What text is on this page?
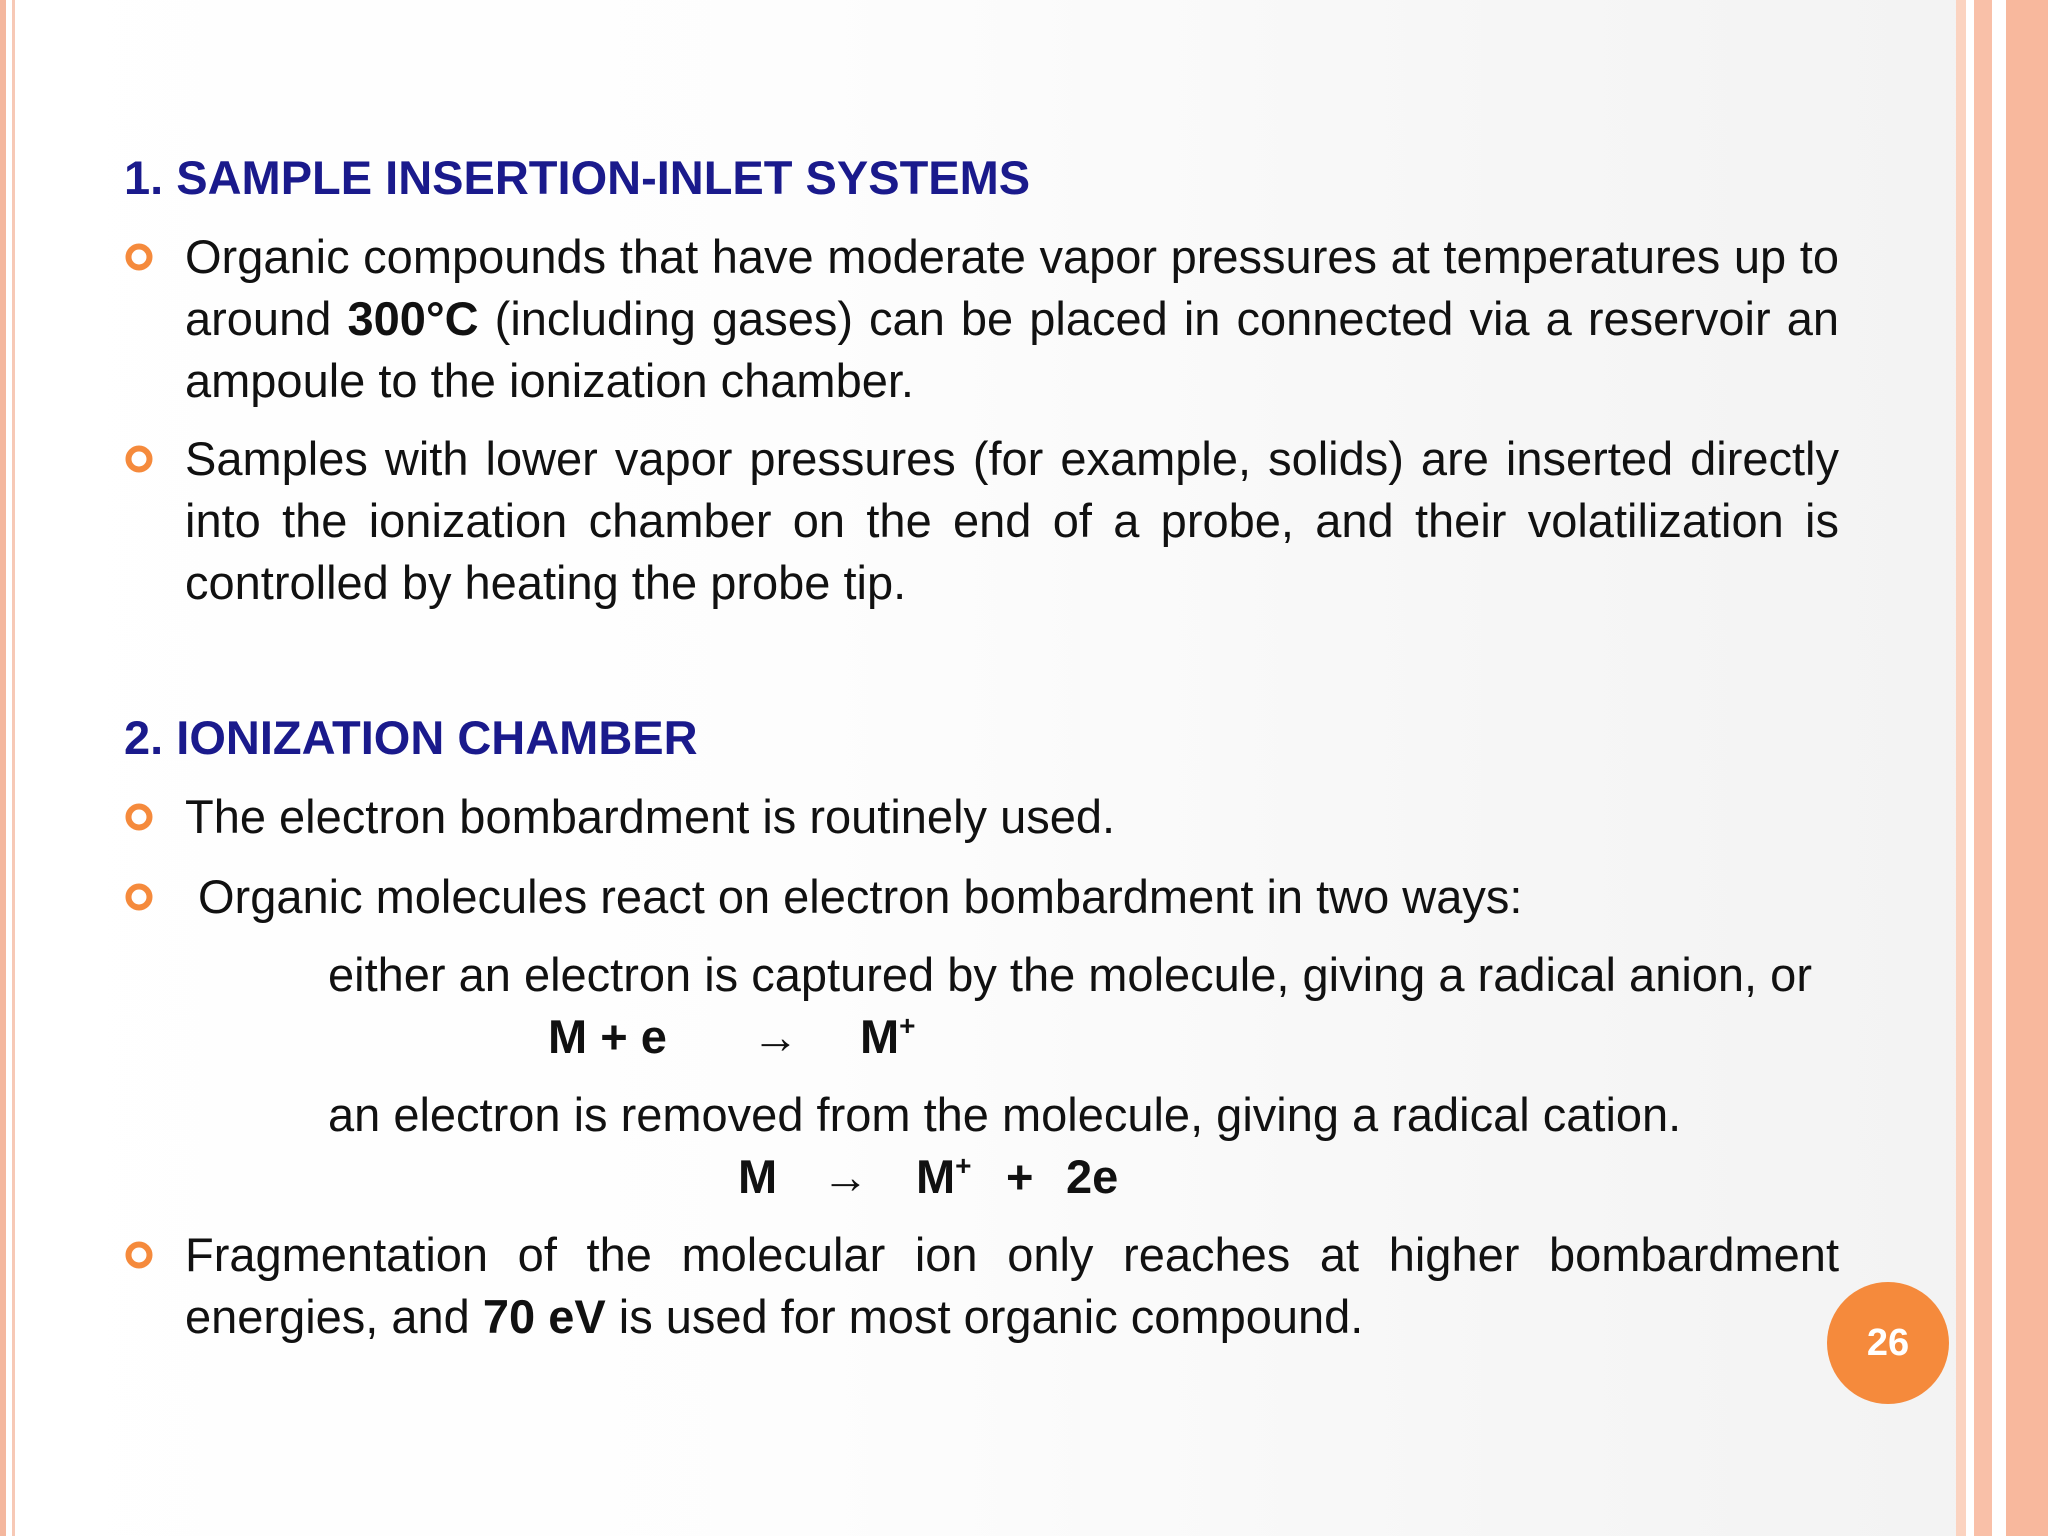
1. SAMPLE INSERTION-INLET SYSTEMS
Organic compounds that have moderate vapor pressures at temperatures up to around 300°C (including gases) can be placed in connected via a reservoir an ampoule to the ionization chamber.
Samples with lower vapor pressures (for example, solids) are inserted directly into the ionization chamber on the end of a probe, and their volatilization is controlled by heating the probe tip.
2. IONIZATION CHAMBER
The electron bombardment is routinely used.
Organic molecules react on electron bombardment in two ways:
either an electron is captured by the molecule, giving a radical anion, or
M + e → M+
an electron is removed from the molecule, giving a radical cation.
M → M+ + 2e
Fragmentation of the molecular ion only reaches at higher bombardment energies, and 70 eV is used for most organic compound.	26
